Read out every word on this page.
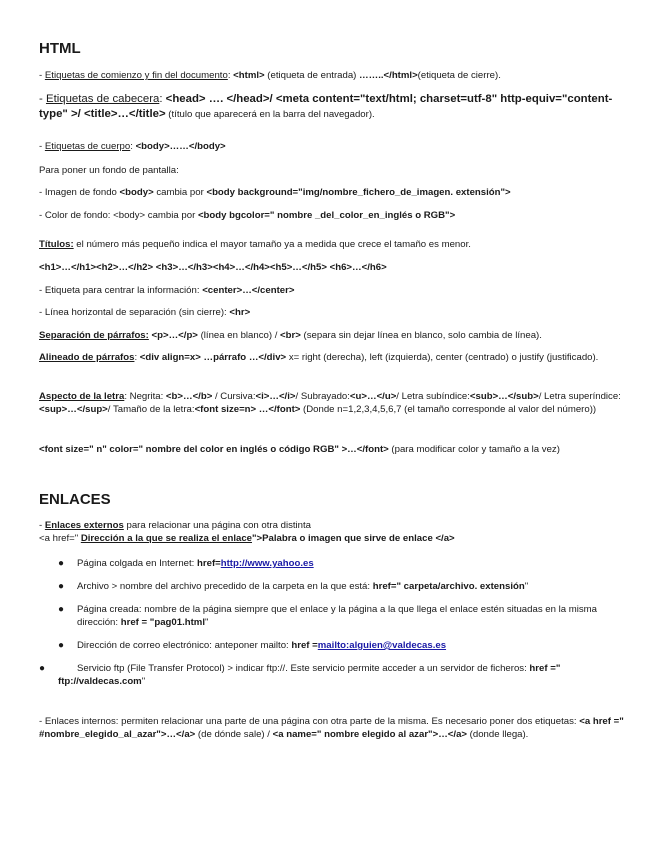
HTML
- Etiquetas de comienzo y fin del documento: <html> (etiqueta de entrada) ……..</html>(etiqueta de cierre).
- Etiquetas de cabecera: <head> …. </head>/ <meta content="text/html; charset=utf-8" http-equiv="content-type" >/ <title>…</title> (título que aparecerá en la barra del navegador).
- Etiquetas de cuerpo: <body>……</body>
Para poner un fondo de pantalla:
- Imagen de fondo <body> cambia por <body background="img/nombre_fichero_de_imagen. extensión">
- Color de fondo: <body> cambia por <body bgcolor=" nombre _del_color_en_inglés o RGB">
Títulos: el número más pequeño indica el mayor tamaño ya a medida que crece el tamaño es menor.
<h1>…</h1><h2>…</h2> <h3>…</h3><h4>…</h4><h5>…</h5> <h6>…</h6>
- Etiqueta para centrar la información: <center>…</center>
- Línea horizontal de separación (sin cierre): <hr>
Separación de párrafos: <p>…</p> (línea en blanco) / <br> (separa sin dejar línea en blanco, solo cambia de línea).
Alineado de párrafos: <div align=x> …párrafo …</div> x= right (derecha), left (izquierda), center (centrado) o justify (justificado).
Aspecto de la letra: Negrita: <b>…</b> / Cursiva:<i>…</i>/ Subrayado:<u>…</u>/ Letra subíndice:<sub>…</sub>/ Letra superíndice:<sup>…</sup>/ Tamaño de la letra:<font size=n> …</font> (Donde n=1,2,3,4,5,6,7 (el tamaño corresponde al valor del número))
<font size=" n" color=" nombre del color en inglés o código RGB" >…</font> (para modificar color y tamaño a la vez)
ENLACES
- Enlaces externos para relacionar una página con otra distinta
<a href=" Dirección a la que se realiza el enlace">Palabra o imagen que sirve de enlace </a>
● Página colgada en Internet: href=http://www.yahoo.es
● Archivo > nombre del archivo precedido de la carpeta en la que está: href=" carpeta/archivo. extensión"
● Página creada: nombre de la página siempre que el enlace y la página a la que llega el enlace estén situadas en la misma dirección: href = "pag01.html"
● Dirección de correo electrónico: anteponer mailto: href =mailto:alguien@valdecas.es
●	Servicio ftp (File Transfer Protocol) > indicar ftp://. Este servicio permite acceder a un servidor de ficheros: href =" ftp://valdecas.com"
- Enlaces internos: permiten relacionar una parte de una página con otra parte de la misma. Es necesario poner dos etiquetas: <a href =" #nombre_elegido_al_azar">…</a> (de dónde sale) / <a name=" nombre elegido al azar">…</a> (donde llega).
